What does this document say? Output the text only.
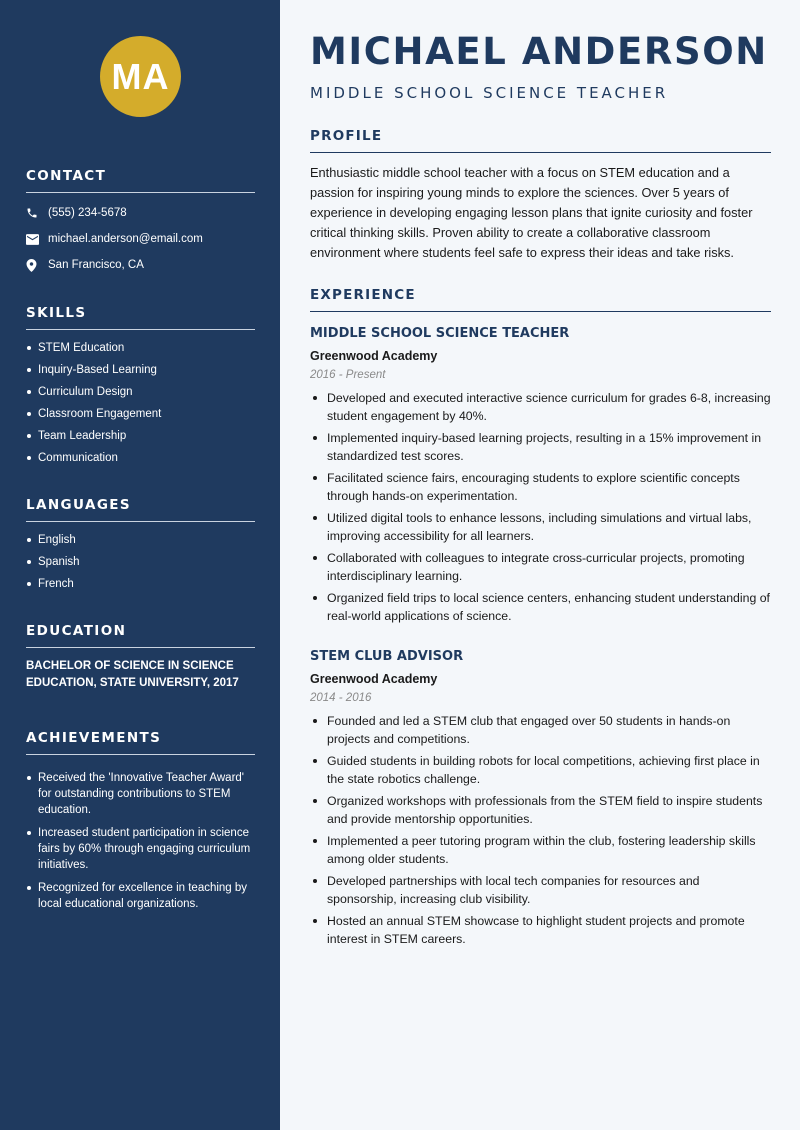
MA
CONTACT
(555) 234-5678
michael.anderson@email.com
San Francisco, CA
SKILLS
STEM Education
Inquiry-Based Learning
Curriculum Design
Classroom Engagement
Team Leadership
Communication
LANGUAGES
English
Spanish
French
EDUCATION
BACHELOR OF SCIENCE IN SCIENCE
EDUCATION, STATE UNIVERSITY, 2017
ACHIEVEMENTS
Received the 'Innovative Teacher Award' for outstanding contributions to STEM education.
Increased student participation in science fairs by 60% through engaging curriculum initiatives.
Recognized for excellence in teaching by local educational organizations.
MICHAEL ANDERSON
MIDDLE SCHOOL SCIENCE TEACHER
PROFILE

Enthusiastic middle school teacher with a focus on STEM education and a passion for inspiring young minds to explore the sciences. Over 5 years of experience in developing engaging lesson plans that ignite curiosity and foster critical thinking skills. Proven ability to create a collaborative classroom environment where students feel safe to express their ideas and take risks.

EXPERIENCE
MIDDLE SCHOOL SCIENCE TEACHER
Greenwood Academy
2016 - Present
Developed and executed interactive science curriculum for grades 6-8, increasing student engagement by 40%.
Implemented inquiry-based learning projects, resulting in a 15% improvement in standardized test scores.
Facilitated science fairs, encouraging students to explore scientific concepts through hands-on experimentation.
Utilized digital tools to enhance lessons, including simulations and virtual labs, improving accessibility for all learners.
Collaborated with colleagues to integrate cross-curricular projects, promoting interdisciplinary learning.
Organized field trips to local science centers, enhancing student understanding of real-world applications of science.
STEM CLUB ADVISOR
Greenwood Academy
2014 - 2016
Founded and led a STEM club that engaged over 50 students in hands-on projects and competitions.
Guided students in building robots for local competitions, achieving first place in the state robotics challenge.
Organized workshops with professionals from the STEM field to inspire students and provide mentorship opportunities.
Implemented a peer tutoring program within the club, fostering leadership skills among older students.
Developed partnerships with local tech companies for resources and sponsorship, increasing club visibility.
Hosted an annual STEM showcase to highlight student projects and promote interest in STEM careers.
